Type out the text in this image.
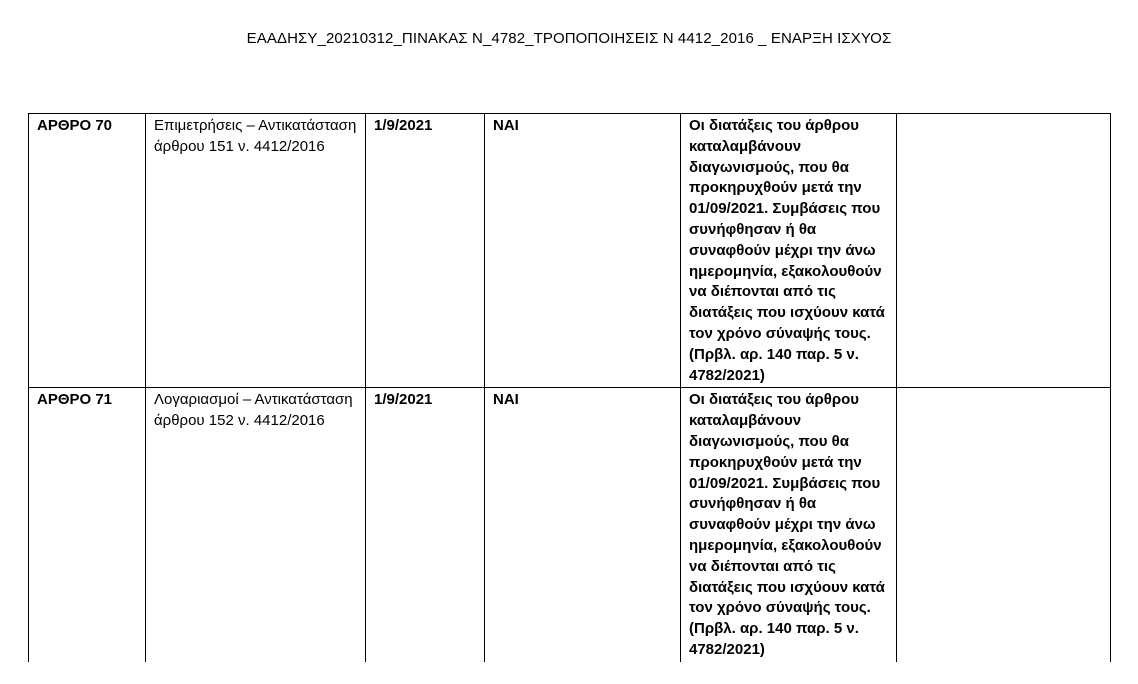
ΕΑΑΔΗΣΥ_20210312_ΠΙΝΑΚΑΣ Ν_4782_ΤΡΟΠΟΠΟΙΗΣΕΙΣ Ν 4412_2016 _ ΕΝΑΡΞΗ ΙΣΧΥΟΣ
ΑΡΘΡΟ 70	Επιμετρήσεις – Αντικατάσταση άρθρου 151 ν. 4412/2016	1/9/2021	ΝΑΙ	Οι διατάξεις του άρθρου καταλαμβάνουν διαγωνισμούς, που θα προκηρυχθούν μετά την 01/09/2021. Συμβάσεις που συνήφθησαν ή θα συναφθούν μέχρι την άνω ημερομηνία, εξακολουθούν να διέπονται από τις διατάξεις που ισχύουν κατά τον χρόνο σύναψής τους. (Πρβλ. αρ. 140 παρ. 5 ν. 4782/2021)	
ΑΡΘΡΟ 71	Λογαριασμοί – Αντικατάσταση άρθρου 152 ν. 4412/2016	1/9/2021	ΝΑΙ	Οι διατάξεις του άρθρου καταλαμβάνουν διαγωνισμούς, που θα προκηρυχθούν μετά την 01/09/2021. Συμβάσεις που συνήφθησαν ή θα συναφθούν μέχρι την άνω ημερομηνία, εξακολουθούν να διέπονται από τις διατάξεις που ισχύουν κατά τον χρόνο σύναψής τους. (Πρβλ. αρ. 140 παρ. 5 ν. 4782/2021)	
